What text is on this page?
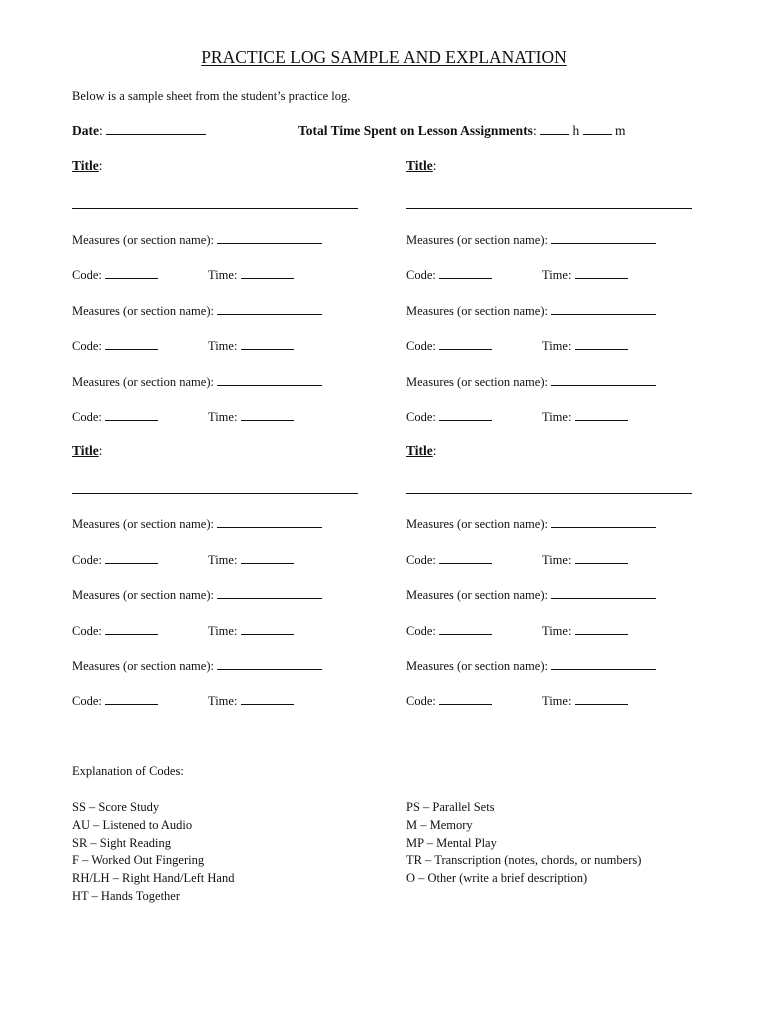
PRACTICE LOG SAMPLE AND EXPLANATION
Below is a sample sheet from the student’s practice log.
Date:	Total Time Spent on Lesson Assignments:	h	m
Title:
Measures (or section name):
Code:	Time:
Measures (or section name):
Code:	Time:
Measures (or section name):
Code:	Time:
Title:
Measures (or section name):
Code:	Time:
Measures (or section name):
Code:	Time:
Measures (or section name):
Code:	Time:
Title:
Measures (or section name):
Code:	Time:
Measures (or section name):
Code:	Time:
Measures (or section name):
Code:	Time:
Title:
Measures (or section name):
Code:	Time:
Measures (or section name):
Code:	Time:
Measures (or section name):
Code:	Time:
Explanation of Codes:
SS – Score Study
AU – Listened to Audio
SR – Sight Reading
F – Worked Out Fingering
RH/LH – Right Hand/Left Hand
HT – Hands Together
PS – Parallel Sets
M – Memory
MP – Mental Play
TR – Transcription (notes, chords, or numbers)
O – Other (write a brief description)
